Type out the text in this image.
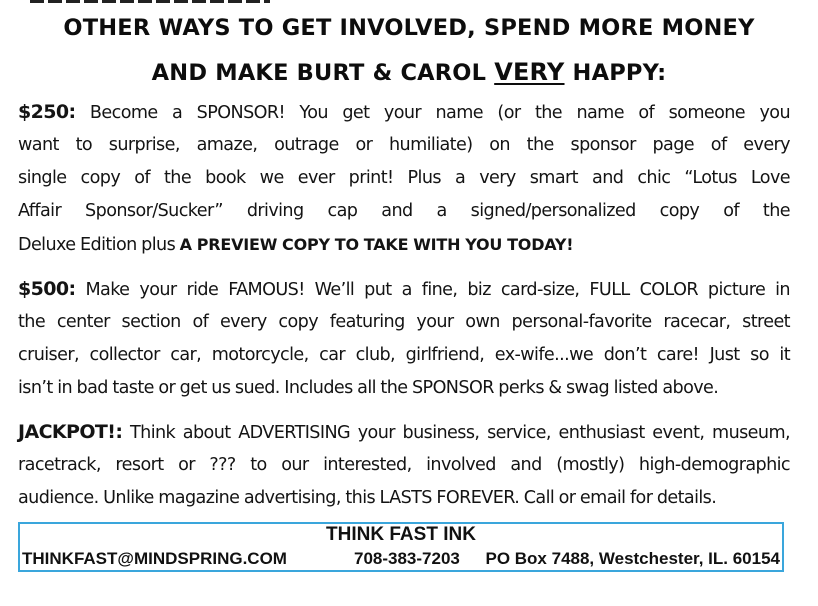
OTHER WAYS TO GET INVOLVED, SPEND MORE MONEY
AND MAKE BURT & CAROL VERY HAPPY:
$250: Become a SPONSOR! You get your name (or the name of someone you
want to surprise, amaze, outrage or humiliate) on the sponsor page of every
single copy of the book we ever print! Plus a very smart and chic “Lotus Love
Affair Sponsor/Sucker” driving cap and a signed/personalized copy of the
Deluxe Edition plus A PREVIEW COPY TO TAKE WITH YOU TODAY!
$500: Make your ride FAMOUS! We’ll put a fine, biz card-size, FULL COLOR picture in
the center section of every copy featuring your own personal-favorite racecar, street
cruiser, collector car, motorcycle, car club, girlfriend, ex-wife...we don’t care! Just so it
isn’t in bad taste or get us sued. Includes all the SPONSOR perks & swag listed above.
JACKPOT!: Think about ADVERTISING your business, service, enthusiast event, museum,
racetrack, resort or ??? to our interested, involved and (mostly) high-demographic
audience. Unlike magazine advertising, this LASTS FOREVER. Call or email for details.
THINK FAST INK
THINKFAST@MINDSPRING.COM	708-383-7203 PO Box 7488, Westchester, IL. 60154
